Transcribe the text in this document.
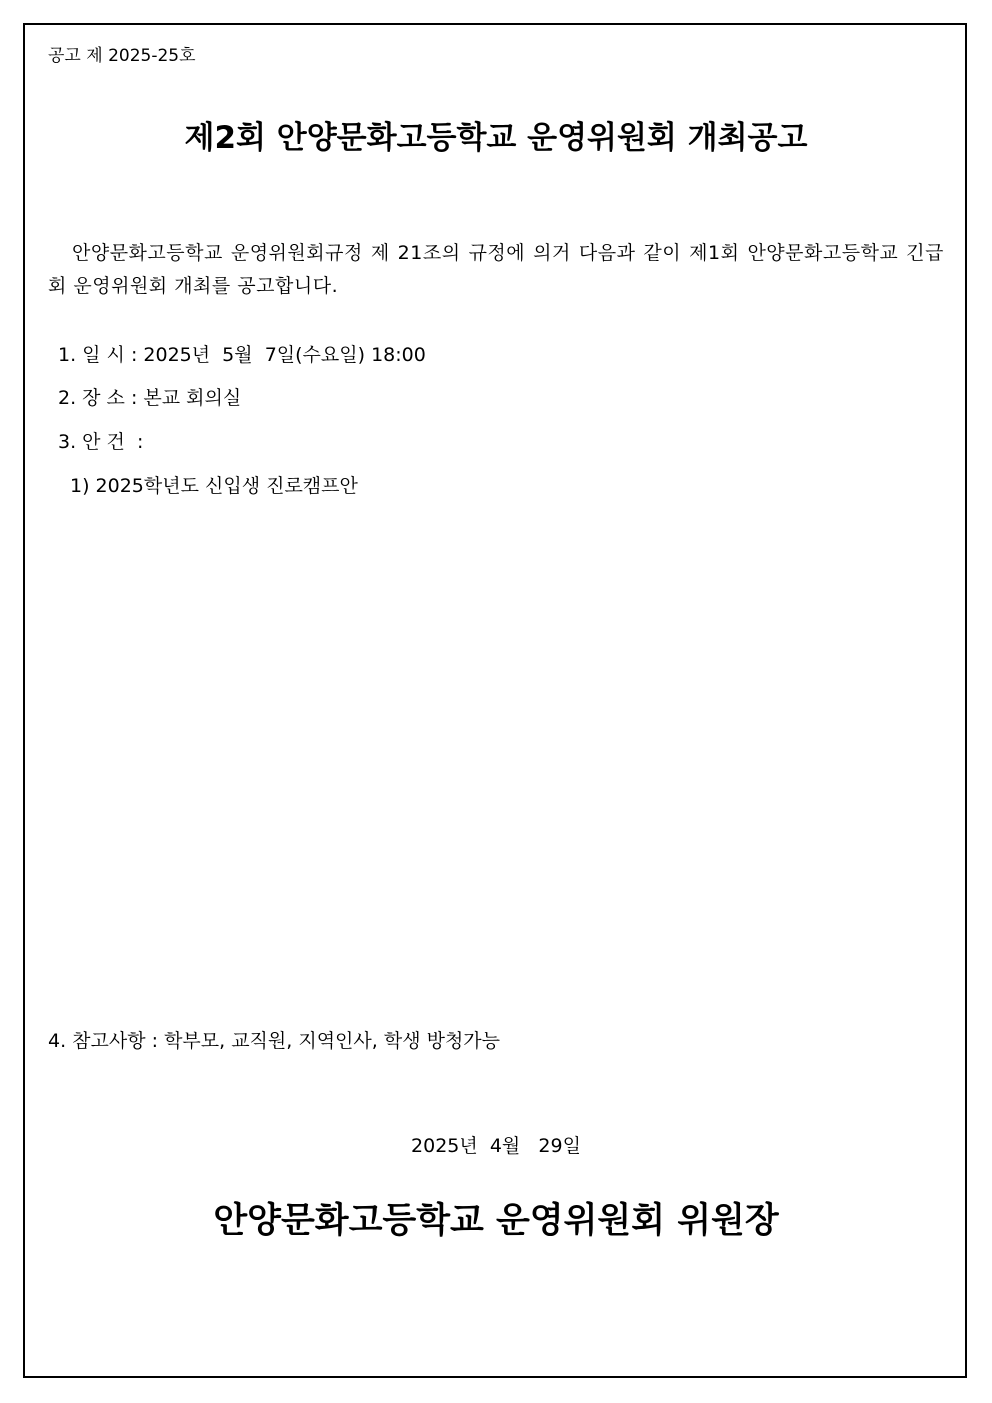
공고 제 2025-25호
제2회 안양문화고등학교 운영위원회 개최공고
안양문화고등학교 운영위원회규정 제 21조의 규정에 의거 다음과 같이 제1회 안양문화고등학교 긴급회 운영위원회 개최를 공고합니다.
1. 일 시 : 2025년  5월  7일(수요일) 18:00
2. 장 소 : 본교 회의실
3. 안 건  :
1) 2025학년도 신입생 진로캠프안
4. 참고사항 : 학부모, 교직원, 지역인사, 학생 방청가능
2025년  4월   29일
안양문화고등학교 운영위원회 위원장
